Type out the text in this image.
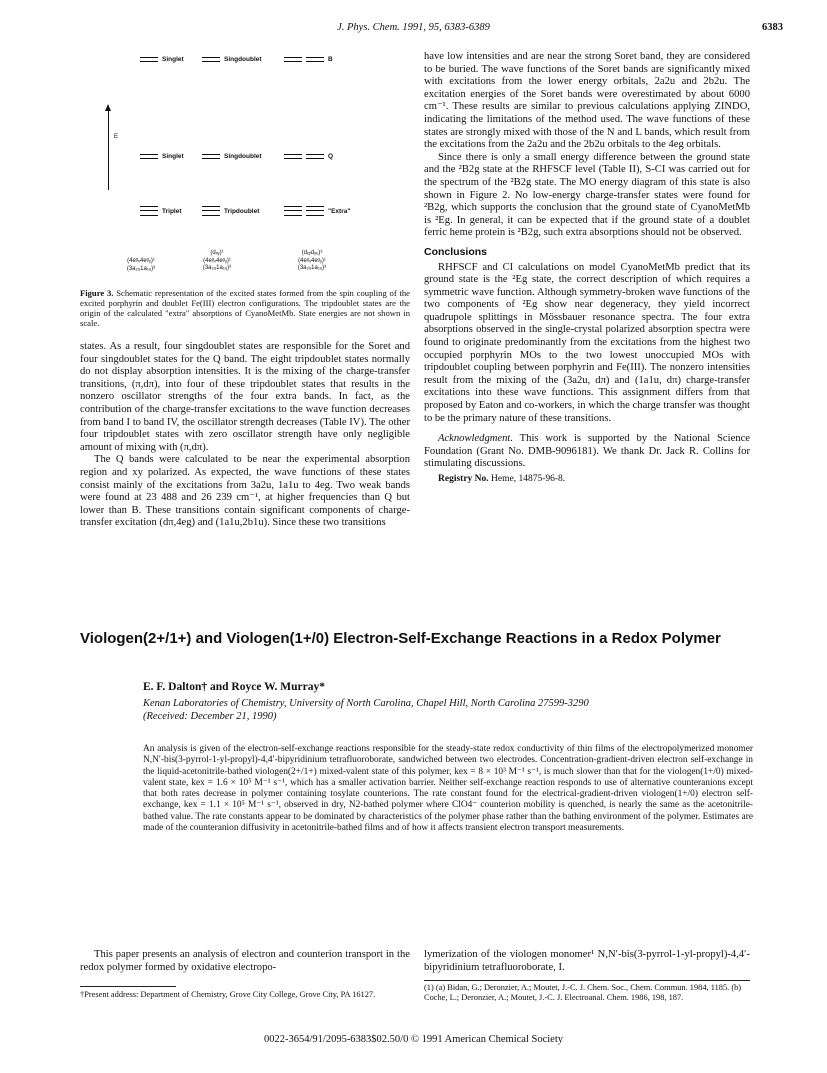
J. Phys. Chem. 1991, 95, 6383-6389	6383
Singlet	Singdoublet	B
E
Singlet	Singdoublet	Q
Triplet	Tripdoublet	"Extra"
(4eᵍₓ4eᵍᵧ)¹
(3a₂ᵤ1a₁ᵤ)³
(dₓᵧ)¹
(4eᵍₓ4eᵍᵧ)¹
(3a₂ᵤ1a₁ᵤ)³
(dₓᵧdᵧᵤ)³
(4eᵍₓ4eᵍᵧ)¹
(3a₂ᵤ1a₁ᵤ)³
Figure 3. Schematic representation of the excited states formed from the spin coupling of the excited porphyrin and doublet Fe(III) electron configurations. The tripdoublet states are the origin of the calculated "extra" absorptions of CyanoMetMb. State energies are not shown in scale.

states. As a result, four singdoublet states are responsible for the Soret and four singdoublet states for the Q band. The eight tripdoublet states normally do not display absorption intensities. It is the mixing of the charge-transfer transitions, (π,dπ), into four of these tripdoublet states that results in the nonzero oscillator strengths of the four extra bands. In fact, as the contribution of the charge-transfer excitations to the wave function decreases from band I to band IV, the oscillator strength decreases (Table IV). The other four tripdoublet states with zero oscillator strength have only negligible amount of mixing with (π,dπ).

The Q bands were calculated to be near the experimental absorption region and xy polarized. As expected, the wave functions of these states consist mainly of the excitations from 3a2u, 1a1u to 4eg. Two weak bands were found at 23 488 and 26 239 cm⁻¹, at higher frequencies than Q but lower than B. These transitions contain significant components of charge-transfer excitation (dπ,4eg) and (1a1u,2b1u). Since these two transitions

have low intensities and are near the strong Soret band, they are considered to be buried. The wave functions of the Soret bands are significantly mixed with excitations from the lower energy orbitals, 2a2u and 2b2u. The excitation energies of the Soret bands were overestimated by about 6000 cm⁻¹. These results are similar to previous calculations applying ZINDO, indicating the limitations of the method used. The wave functions of these states are strongly mixed with those of the N and L bands, which result from the excitations from the 2a2u and the 2b2u orbitals to the 4eg orbitals.

Since there is only a small energy difference between the ground state and the ²B2g state at the RHFSCF level (Table II), S-CI was carried out for the spectrum of the ²B2g state. The MO energy diagram of this state is also shown in Figure 2. No low-energy charge-transfer states were found for ²B2g, which supports the conclusion that the ground state of CyanoMetMb is ²Eg. In general, it can be expected that if the ground state of a doublet ferric heme protein is ²B2g, such extra absorptions should not be observed.

Conclusions

RHFSCF and CI calculations on model CyanoMetMb predict that its ground state is the ²Eg state, the correct description of which requires a symmetric wave function. Although symmetry-broken wave functions of the two components of ²Eg show near degeneracy, they yield incorrect quadrupole splittings in Mössbauer resonance spectra. The four extra absorptions observed in the single-crystal polarized absorption spectra were found to originate predominantly from the excitations from the highest two occupied porphyrin MOs to the two lowest unoccupied MOs with tripdoublet coupling between porphyrin and Fe(III). The nonzero intensities result from the mixing of the (3a2u, dπ) and (1a1u, dπ) charge-transfer excitations into these wave functions. This assignment differs from that proposed by Eaton and co-workers, in which the charge transfer was thought to be the primary nature of these transitions.

Acknowledgment. This work is supported by the National Science Foundation (Grant No. DMB-9096181). We thank Dr. Jack R. Collins for stimulating discussions.

Registry No. Heme, 14875-96-8.

Viologen(2+/1+) and Viologen(1+/0) Electron-Self-Exchange Reactions in a Redox Polymer
E. F. Dalton† and Royce W. Murray*
Kenan Laboratories of Chemistry, University of North Carolina, Chapel Hill, North Carolina 27599-3290
(Received: December 21, 1990)
An analysis is given of the electron-self-exchange reactions responsible for the steady-state redox conductivity of thin films of the electropolymerized monomer N,N′-bis(3-pyrrol-1-yl-propyl)-4,4′-bipyridinium tetrafluoroborate, sandwiched between two electrodes. Concentration-gradient-driven electron self-exchange in the liquid-acetonitrile-bathed viologen(2+/1+) mixed-valent state of this polymer, kex = 8 × 10³ M⁻¹ s⁻¹, is much slower than that for the viologen(1+/0) mixed-valent state, kex = 1.6 × 10⁵ M⁻¹ s⁻¹, which has a smaller activation barrier. Neither self-exchange reaction responds to use of alternative counteranions except that both rates decrease in polymer containing tosylate counterions. The rate constant found for the electrical-gradient-driven viologen(1+/0) electron self-exchange, kex = 1.1 × 10⁵ M⁻¹ s⁻¹, observed in dry, N2-bathed polymer where ClO4⁻ counterion mobility is quenched, is nearly the same as the acetonitrile-bathed value. The rate constants appear to be dominated by characteristics of the polymer phase rather than the bathing environment of the polymer. Estimates are made of the counteranion diffusivity in acetonitrile-bathed films and of how it affects transient electron transport measurements.

This paper presents an analysis of electron and counterion transport in the redox polymer formed by oxidative electropo-

lymerization of the viologen monomer¹ N,N′-bis(3-pyrrol-1-yl-propyl)-4,4′-bipyridinium tetrafluoroborate, I.

†Present address: Department of Chemistry, Grove City College, Grove City, PA 16127.
(1) (a) Bidan, G.; Deronzier, A.; Moutet, J.-C. J. Chem. Soc., Chem. Commun. 1984, 1185. (b) Coche, L.; Deronzier, A.; Moutet, J.-C. J. Electroanal. Chem. 1986, 198, 187.
0022-3654/91/2095-6383$02.50/0 © 1991 American Chemical Society
